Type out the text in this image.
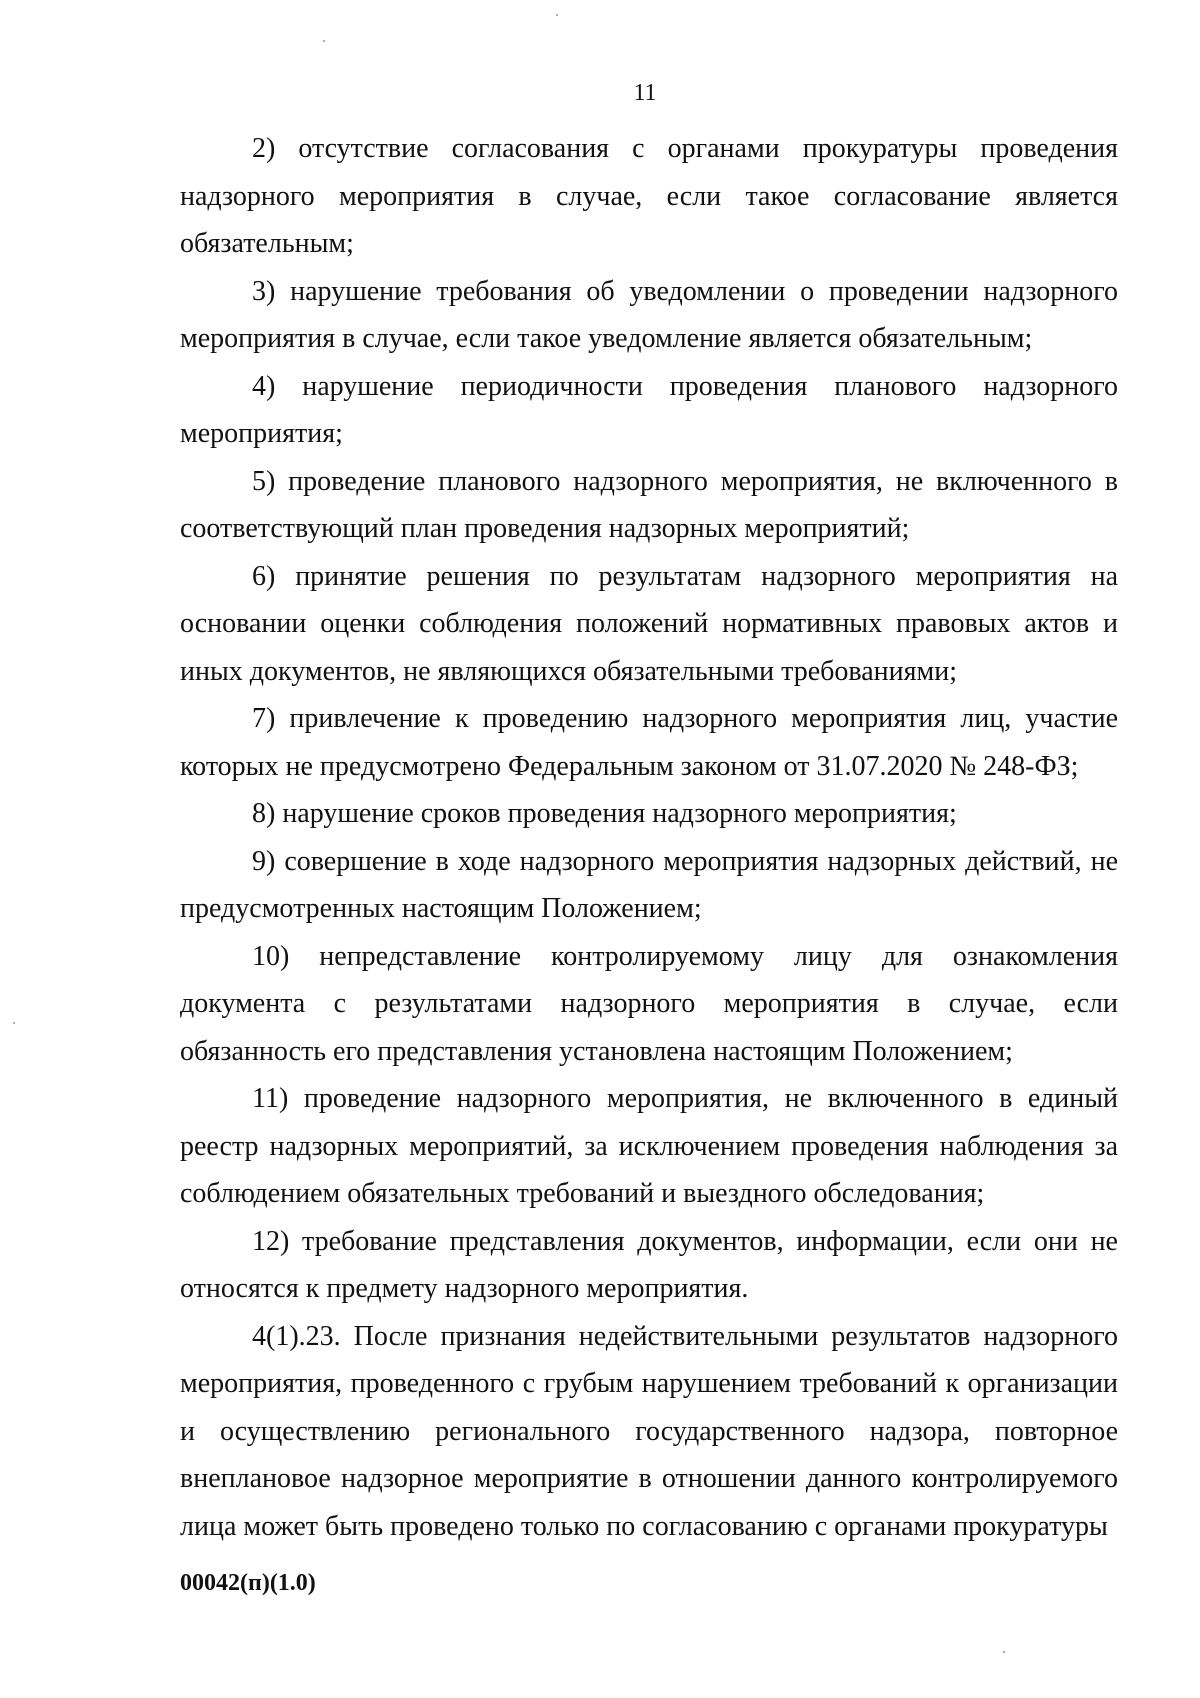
11

2) отсутствие согласования с органами прокуратуры проведения надзорного мероприятия в случае, если такое согласование является обязательным;

3) нарушение требования об уведомлении о проведении надзорного мероприятия в случае, если такое уведомление является обязательным;

4) нарушение периодичности проведения планового надзорного мероприятия;

5) проведение планового надзорного мероприятия, не включенного в соответствующий план проведения надзорных мероприятий;

6) принятие решения по результатам надзорного мероприятия на основании оценки соблюдения положений нормативных правовых актов и иных документов, не являющихся обязательными требованиями;

7) привлечение к проведению надзорного мероприятия лиц, участие которых не предусмотрено Федеральным законом от 31.07.2020 № 248-ФЗ;

8) нарушение сроков проведения надзорного мероприятия;

9) совершение в ходе надзорного мероприятия надзорных действий, не предусмотренных настоящим Положением;

10) непредставление контролируемому лицу для ознакомления документа с результатами надзорного мероприятия в случае, если обязанность его представления установлена настоящим Положением;

11) проведение надзорного мероприятия, не включенного в единый реестр надзорных мероприятий, за исключением проведения наблюдения за соблюдением обязательных требований и выездного обследования;

12) требование представления документов, информации, если они не относятся к предмету надзорного мероприятия.

4(1).23. После признания недействительными результатов надзорного мероприятия, проведенного с грубым нарушением требований к организации и осуществлению регионального государственного надзора, повторное внеплановое надзорное мероприятие в отношении данного контролируемого лица может быть проведено только по согласованию с органами прокуратуры

00042(п)(1.0)
